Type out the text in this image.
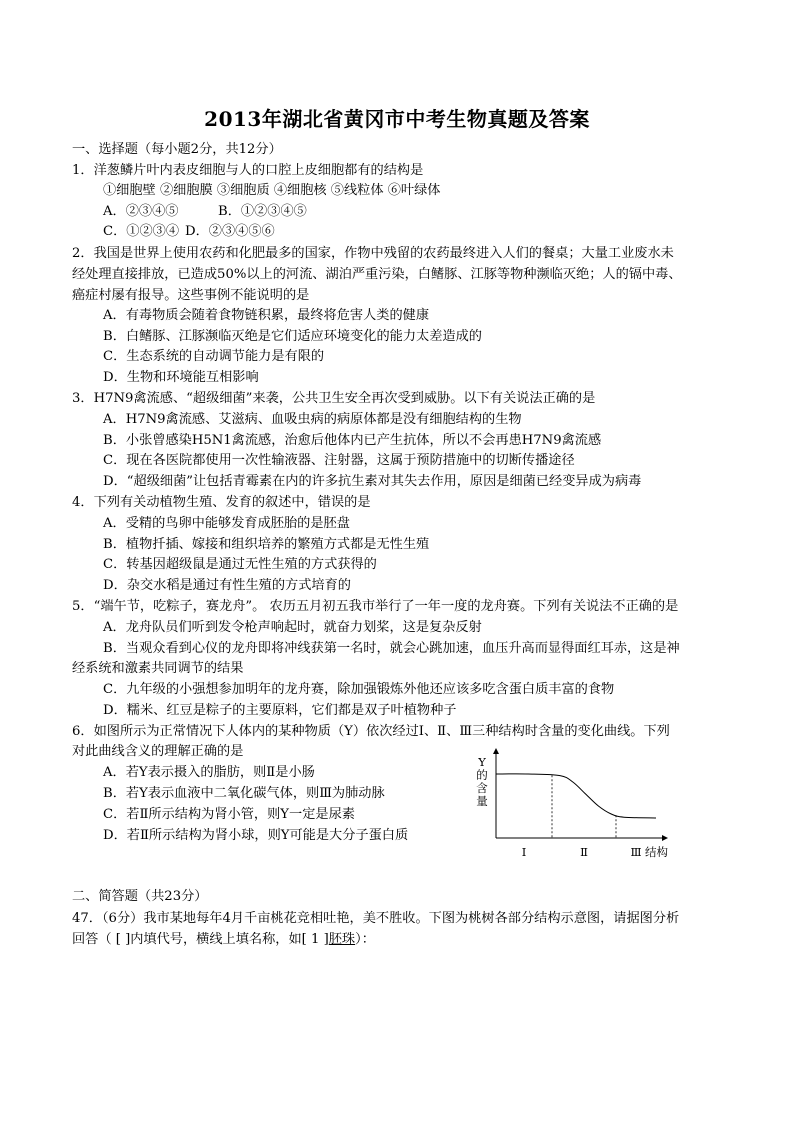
2013年湖北省黄冈市中考生物真题及答案
一、选择题（每小题2分，共12分）
1．洋葱鳞片叶内表皮细胞与人的口腔上皮细胞都有的结构是
①细胞壁 ②细胞膜 ③细胞质 ④细胞核 ⑤线粒体 ⑥叶绿体
A．②③④⑤	B．①②③④⑤
C．①②③④ D．②③④⑤⑥
2．我国是世界上使用农药和化肥最多的国家，作物中残留的农药最终进入人们的餐桌；大量工业废水未
经处理直接排放，已造成50%以上的河流、湖泊严重污染，白鳍豚、江豚等物种濒临灭绝；人的镉中毒、
癌症村屡有报导。这些事例不能说明的是
A．有毒物质会随着食物链积累，最终将危害人类的健康
B．白鳍豚、江豚濒临灭绝是它们适应环境变化的能力太差造成的
C．生态系统的自动调节能力是有限的
D．生物和环境能互相影响
3．H7N9禽流感、“超级细菌”来袭，公共卫生安全再次受到威胁。以下有关说法正确的是
A．H7N9禽流感、艾滋病、血吸虫病的病原体都是没有细胞结构的生物
B．小张曾感染H5N1禽流感，治愈后他体内已产生抗体，所以不会再患H7N9禽流感
C．现在各医院都使用一次性输液器、注射器，这属于预防措施中的切断传播途径
D．“超级细菌”让包括青霉素在内的许多抗生素对其失去作用，原因是细菌已经变异成为病毒
4．下列有关动植物生殖、发育的叙述中，错误的是
A．受精的鸟卵中能够发育成胚胎的是胚盘
B．植物扦插、嫁接和组织培养的繁殖方式都是无性生殖
C．转基因超级鼠是通过无性生殖的方式获得的
D．杂交水稻是通过有性生殖的方式培育的
5．“端午节，吃粽子，赛龙舟”。 农历五月初五我市举行了一年一度的龙舟赛。下列有关说法不正确的是
A．龙舟队员们听到发令枪声响起时，就奋力划桨，这是复杂反射
B．当观众看到心仪的龙舟即将冲线获第一名时，就会心跳加速，血压升高而显得面红耳赤，这是神
经系统和激素共同调节的结果
C．九年级的小强想参加明年的龙舟赛，除加强锻炼外他还应该多吃含蛋白质丰富的食物
D．糯米、红豆是粽子的主要原料，它们都是双子叶植物种子
6．如图所示为正常情况下人体内的某种物质（Y）依次经过Ⅰ、Ⅱ、Ⅲ三种结构时含量的变化曲线。下列
对此曲线含义的理解正确的是
A．若Y表示摄入的脂肪，则Ⅱ是小肠
B．若Y表示血液中二氧化碳气体，则Ⅲ为肺动脉
C．若Ⅱ所示结构为肾小管，则Y一定是尿素
D．若Ⅱ所示结构为肾小球，则Y可能是大分子蛋白质
Ⅰ	Ⅱ	Ⅲ 结构
Y 的含量
二、简答题（共23分）
47．（6分）我市某地每年4月千亩桃花竞相吐艳，美不胜收。下图为桃树各部分结构示意图，请据图分析
回答（ [ ]内填代号，横线上填名称，如[ 1 ]胚珠）：
